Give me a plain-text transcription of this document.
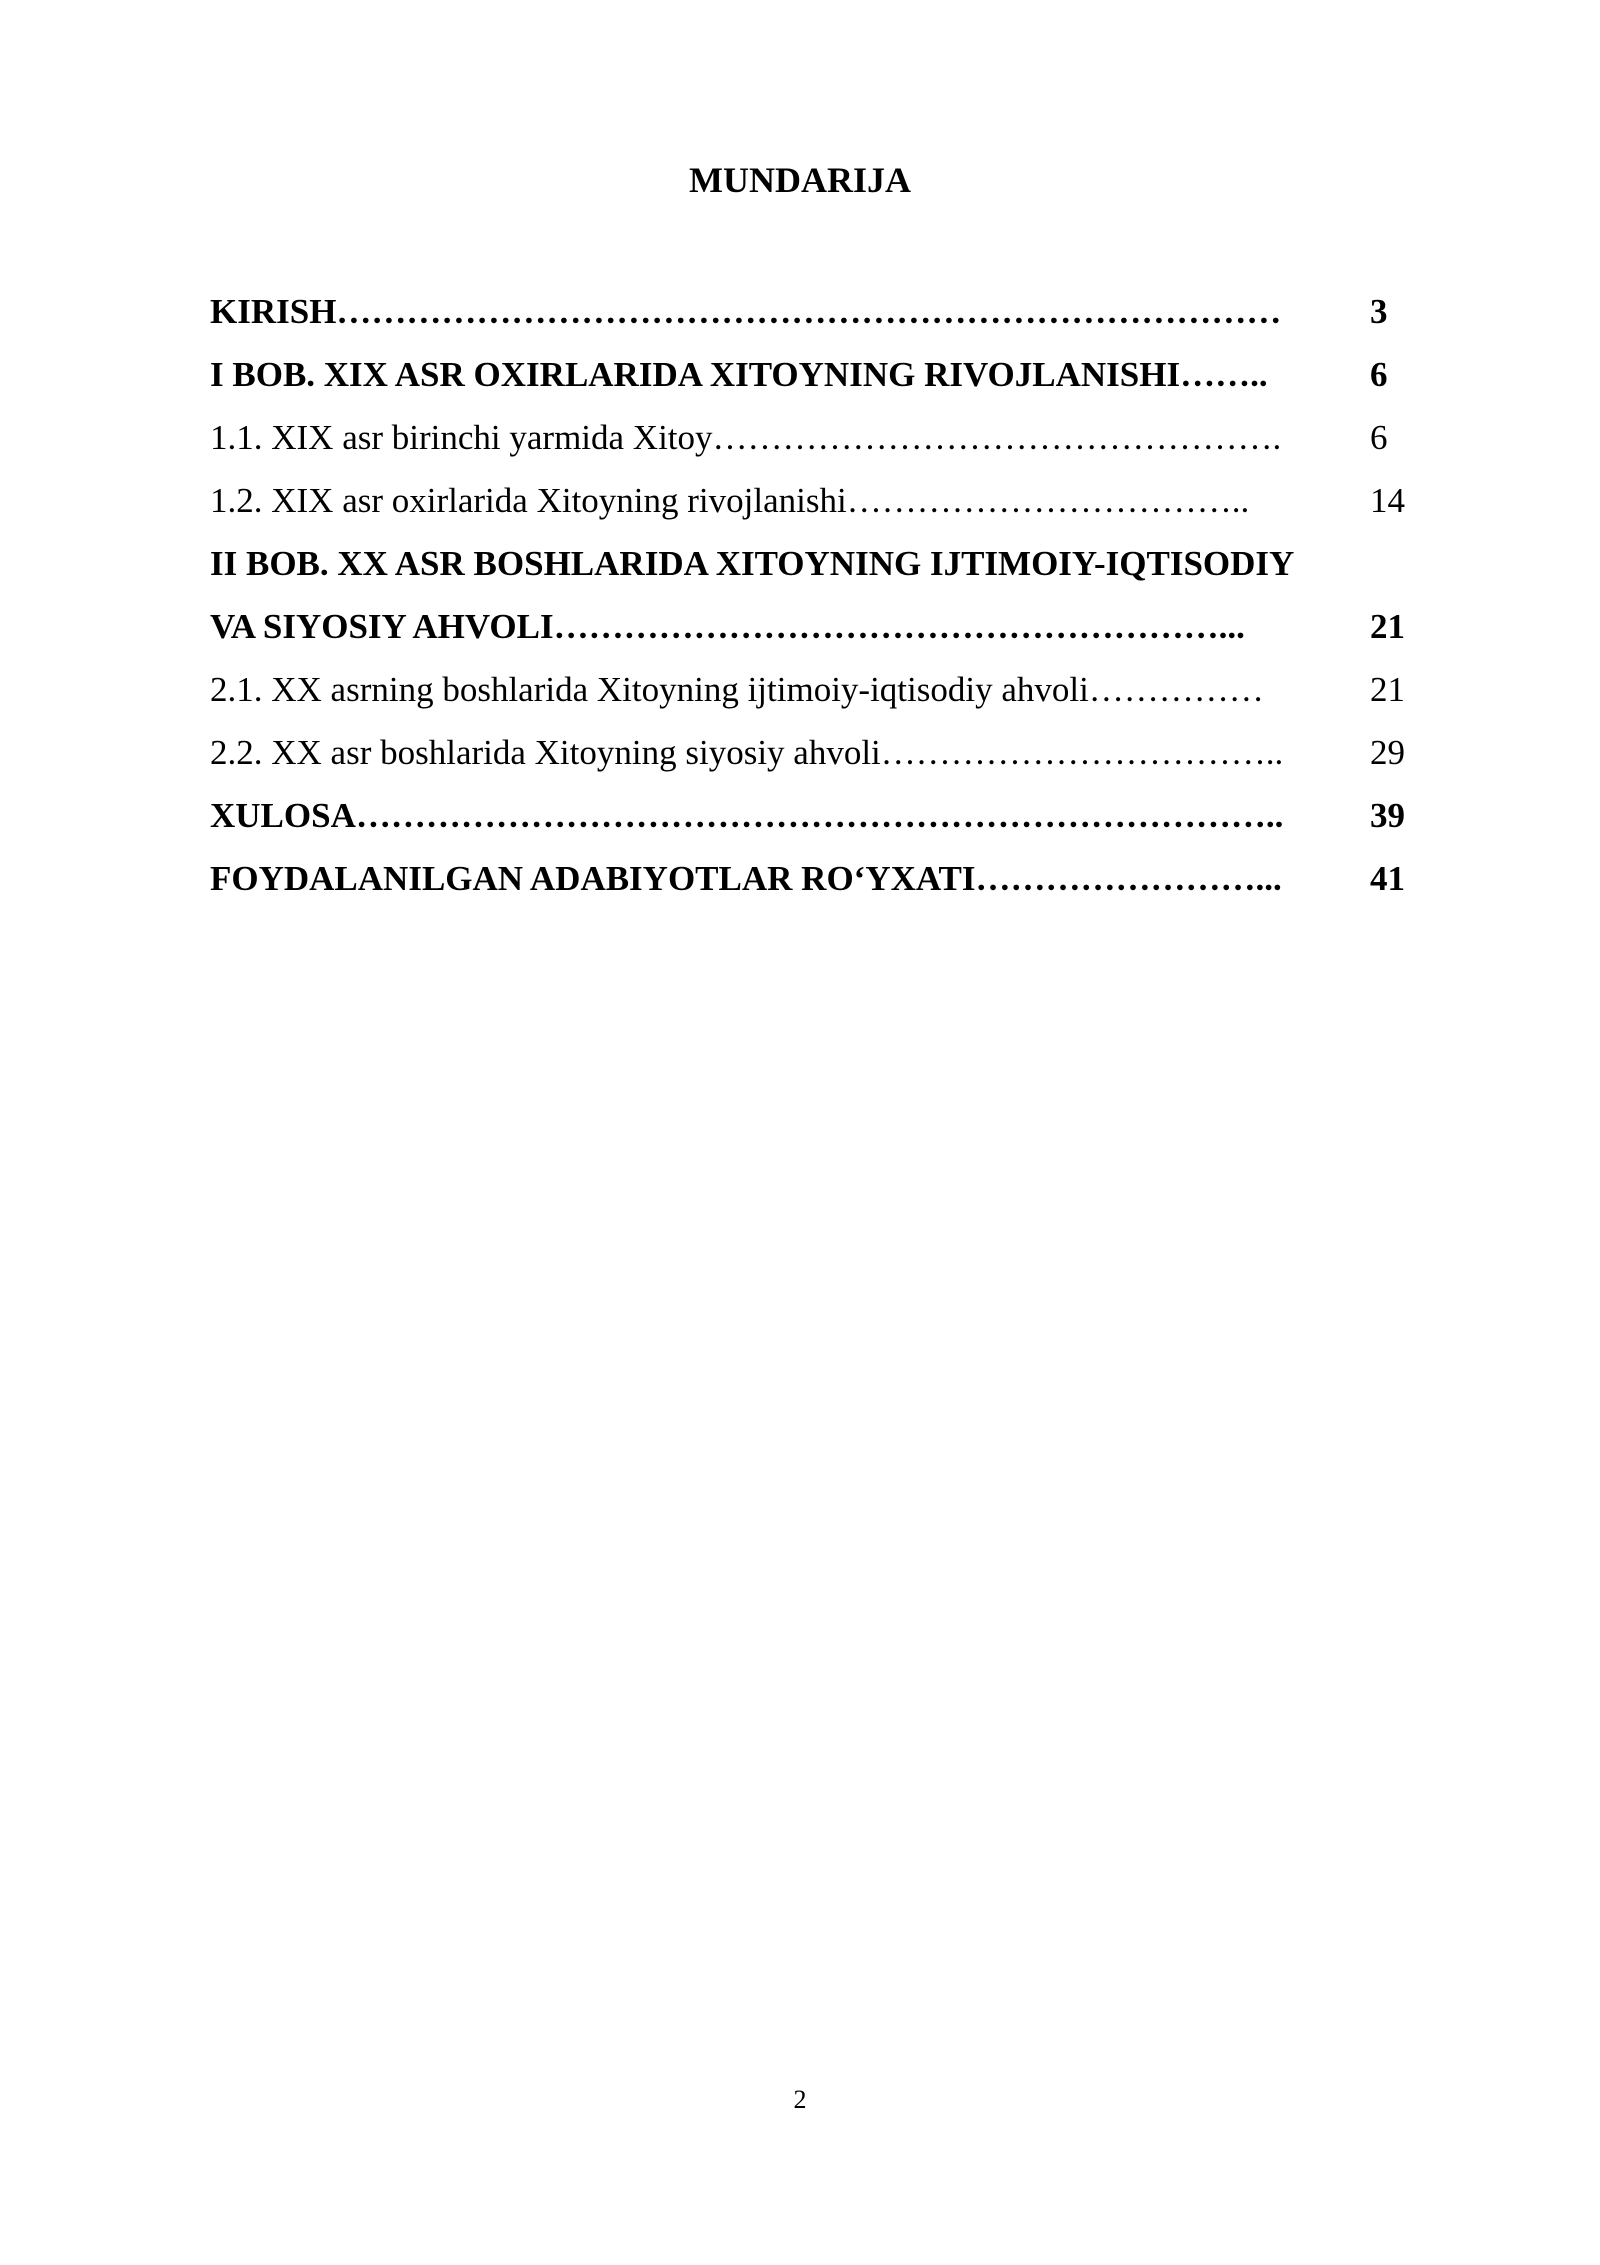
MUNDARIJA
KIRISH………………………………………………………………………	3
I BOB. XIX ASR OXIRLARIDA XITOYNING RIVOJLANISHI……..	6
1.1. XIX asr birinchi yarmida Xitoy………………………………………….	6
1.2. XIX asr oxirlarida Xitoyning rivojlanishi……………………………..	14
II BOB. XX ASR BOSHLARIDA XITOYNING IJTIMOIY-IQTISODIY
VA SIYOSIY AHVOLI…………………………………………………...	21
2.1. XX asrning boshlarida Xitoyning ijtimoiy-iqtisodiy ahvoli……………	21
2.2. XX asr boshlarida Xitoyning siyosiy ahvoli…………………………….. 29
XULOSA…………………………………………………………………….. 39
FOYDALANILGAN ADABIYOTLAR RO‘YXATI……………………...	41
2
